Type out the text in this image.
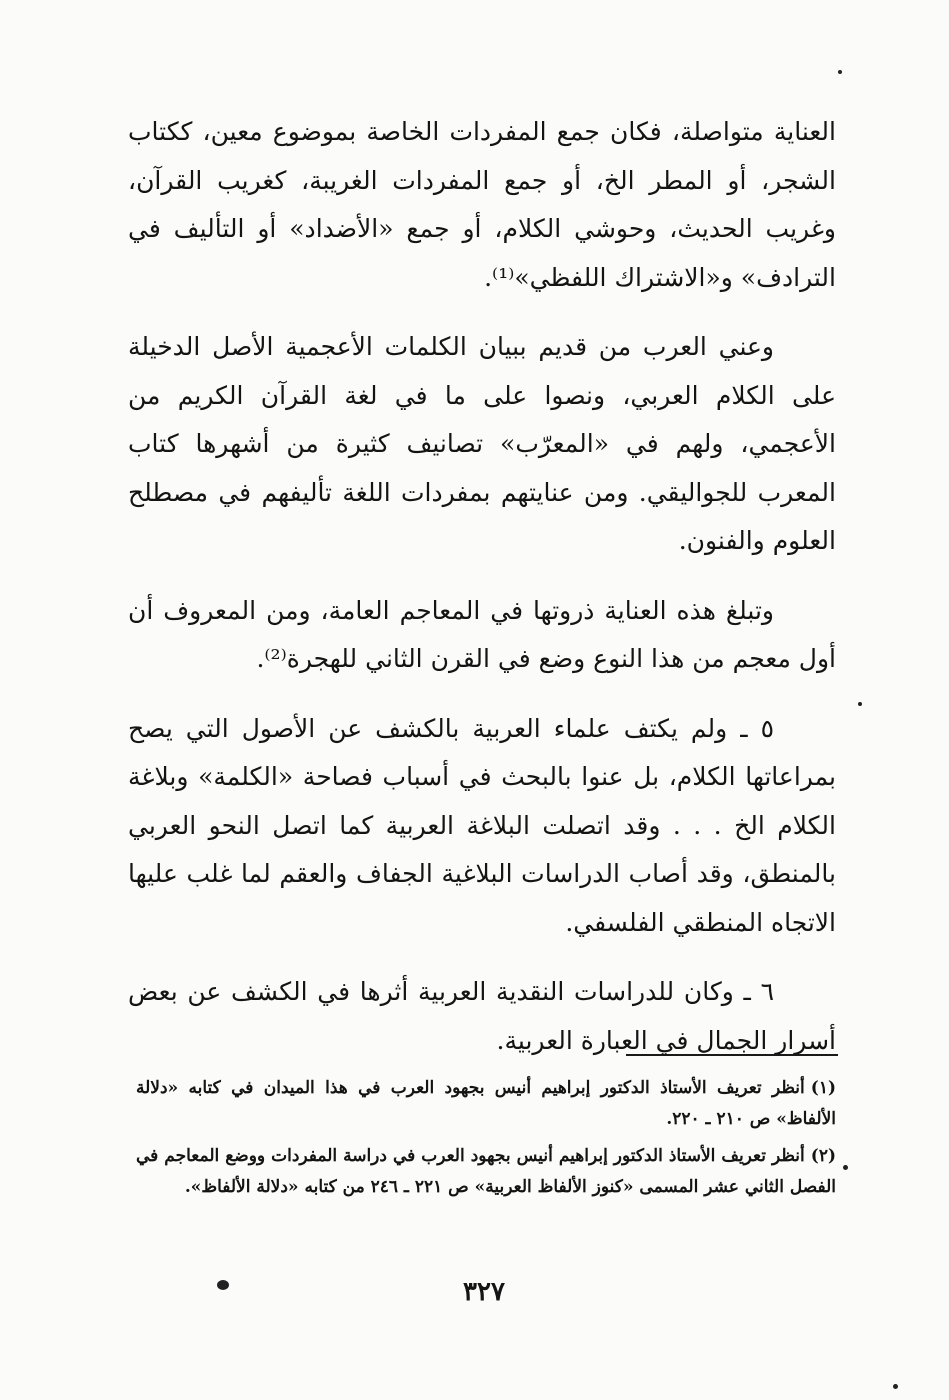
العناية متواصلة، فكان جمع المفردات الخاصة بموضوع معين، ككتاب الشجر، أو المطر الخ، أو جمع المفردات الغريبة، كغريب القرآن، وغريب الحديث، وحوشي الكلام، أو جمع «الأضداد» أو التأليف في الترادف» و«الاشتراك اللفظي»⁽¹⁾.

وعني العرب من قديم ببيان الكلمات الأعجمية الأصل الدخيلة على الكلام العربي، ونصوا على ما في لغة القرآن الكريم من الأعجمي، ولهم في «المعرّب» تصانيف كثيرة من أشهرها كتاب المعرب للجواليقي. ومن عنايتهم بمفردات اللغة تأليفهم في مصطلح العلوم والفنون.

وتبلغ هذه العناية ذروتها في المعاجم العامة، ومن المعروف أن أول معجم من هذا النوع وضع في القرن الثاني للهجرة⁽²⁾.

٥ ـ ولم يكتف علماء العربية بالكشف عن الأصول التي يصح بمراعاتها الكلام، بل عنوا بالبحث في أسباب فصاحة «الكلمة» وبلاغة الكلام الخ . . . وقد اتصلت البلاغة العربية كما اتصل النحو العربي بالمنطق، وقد أصاب الدراسات البلاغية الجفاف والعقم لما غلب عليها الاتجاه المنطقي الفلسفي.

٦ ـ وكان للدراسات النقدية العربية أثرها في الكشف عن بعض أسرار الجمال في العبارة العربية.

(١)أنظر تعريف الأستاذ الدكتور إبراهيم أنيس بجهود العرب في هذا الميدان في كتابه «دلالة الألفاظ» ص ٢١٠ ـ ٢٢٠.

(٢)أنظر تعريف الأستاذ الدكتور إبراهيم أنيس بجهود العرب في دراسة المفردات ووضع المعاجم في الفصل الثاني عشر المسمى «كنوز الألفاظ العربية» ص ٢٢١ ـ ٢٤٦ من كتابه «دلالة الألفاظ».

٣٢٧
